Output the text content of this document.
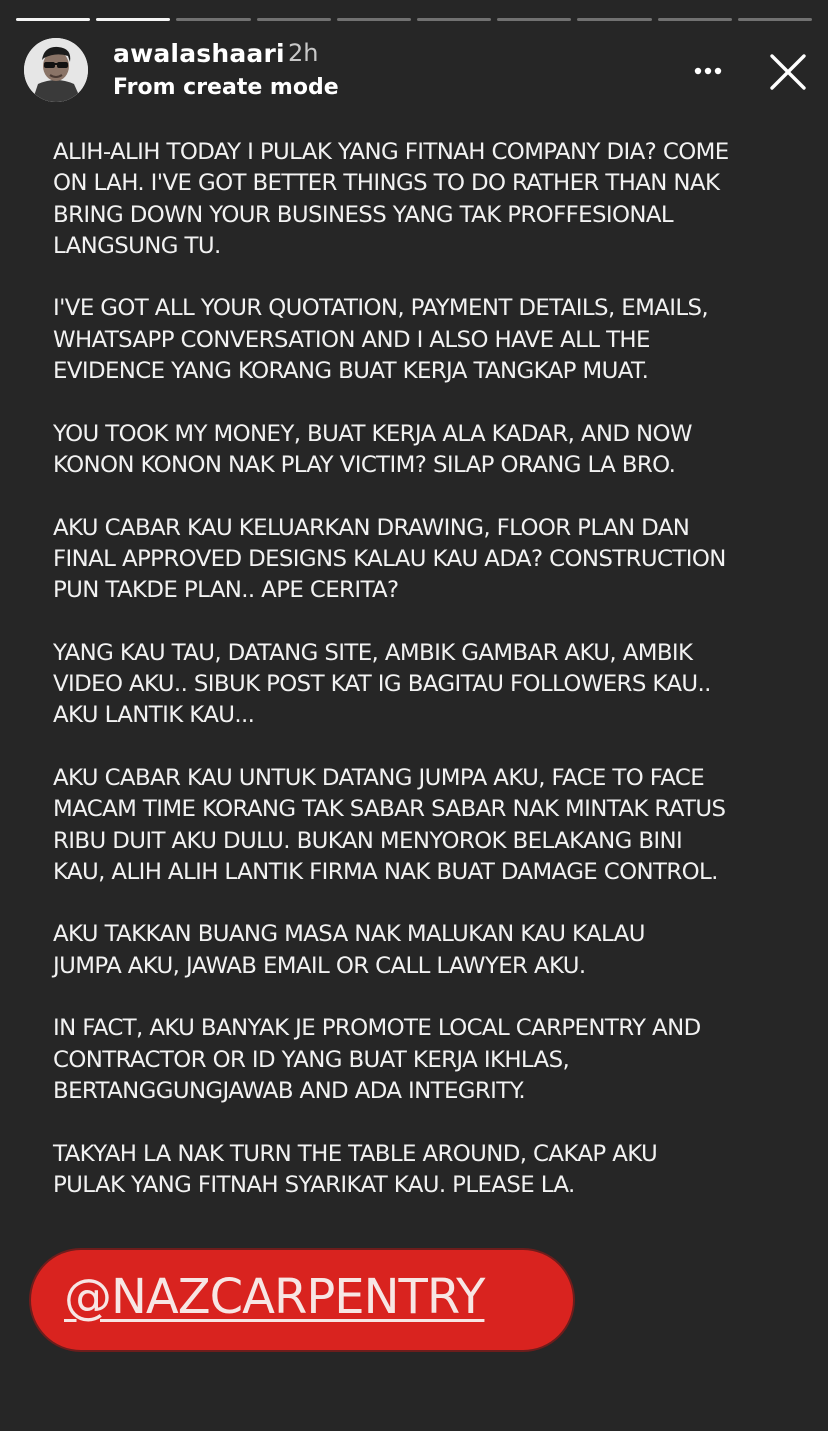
awalashaari 2h
From create mode

ALIH-ALIH TODAY I PULAK YANG FITNAH COMPANY DIA? COME
ON LAH. I'VE GOT BETTER THINGS TO DO RATHER THAN NAK
BRING DOWN YOUR BUSINESS YANG TAK PROFFESIONAL
LANGSUNG TU.

I'VE GOT ALL YOUR QUOTATION, PAYMENT DETAILS, EMAILS,
WHATSAPP CONVERSATION AND I ALSO HAVE ALL THE
EVIDENCE YANG KORANG BUAT KERJA TANGKAP MUAT.

YOU TOOK MY MONEY, BUAT KERJA ALA KADAR, AND NOW
KONON KONON NAK PLAY VICTIM? SILAP ORANG LA BRO.

AKU CABAR KAU KELUARKAN DRAWING, FLOOR PLAN DAN
FINAL APPROVED DESIGNS KALAU KAU ADA? CONSTRUCTION
PUN TAKDE PLAN.. APE CERITA?

YANG KAU TAU, DATANG SITE, AMBIK GAMBAR AKU, AMBIK
VIDEO AKU.. SIBUK POST KAT IG BAGITAU FOLLOWERS KAU..
AKU LANTIK KAU...

AKU CABAR KAU UNTUK DATANG JUMPA AKU, FACE TO FACE
MACAM TIME KORANG TAK SABAR SABAR NAK MINTAK RATUS
RIBU DUIT AKU DULU. BUKAN MENYOROK BELAKANG BINI
KAU, ALIH ALIH LANTIK FIRMA NAK BUAT DAMAGE CONTROL.

AKU TAKKAN BUANG MASA NAK MALUKAN KAU KALAU
JUMPA AKU, JAWAB EMAIL OR CALL LAWYER AKU.

IN FACT, AKU BANYAK JE PROMOTE LOCAL CARPENTRY AND
CONTRACTOR OR ID YANG BUAT KERJA IKHLAS,
BERTANGGUNGJAWAB AND ADA INTEGRITY.

TAKYAH LA NAK TURN THE TABLE AROUND, CAKAP AKU
PULAK YANG FITNAH SYARIKAT KAU. PLEASE LA.

@NAZCARPENTRY
